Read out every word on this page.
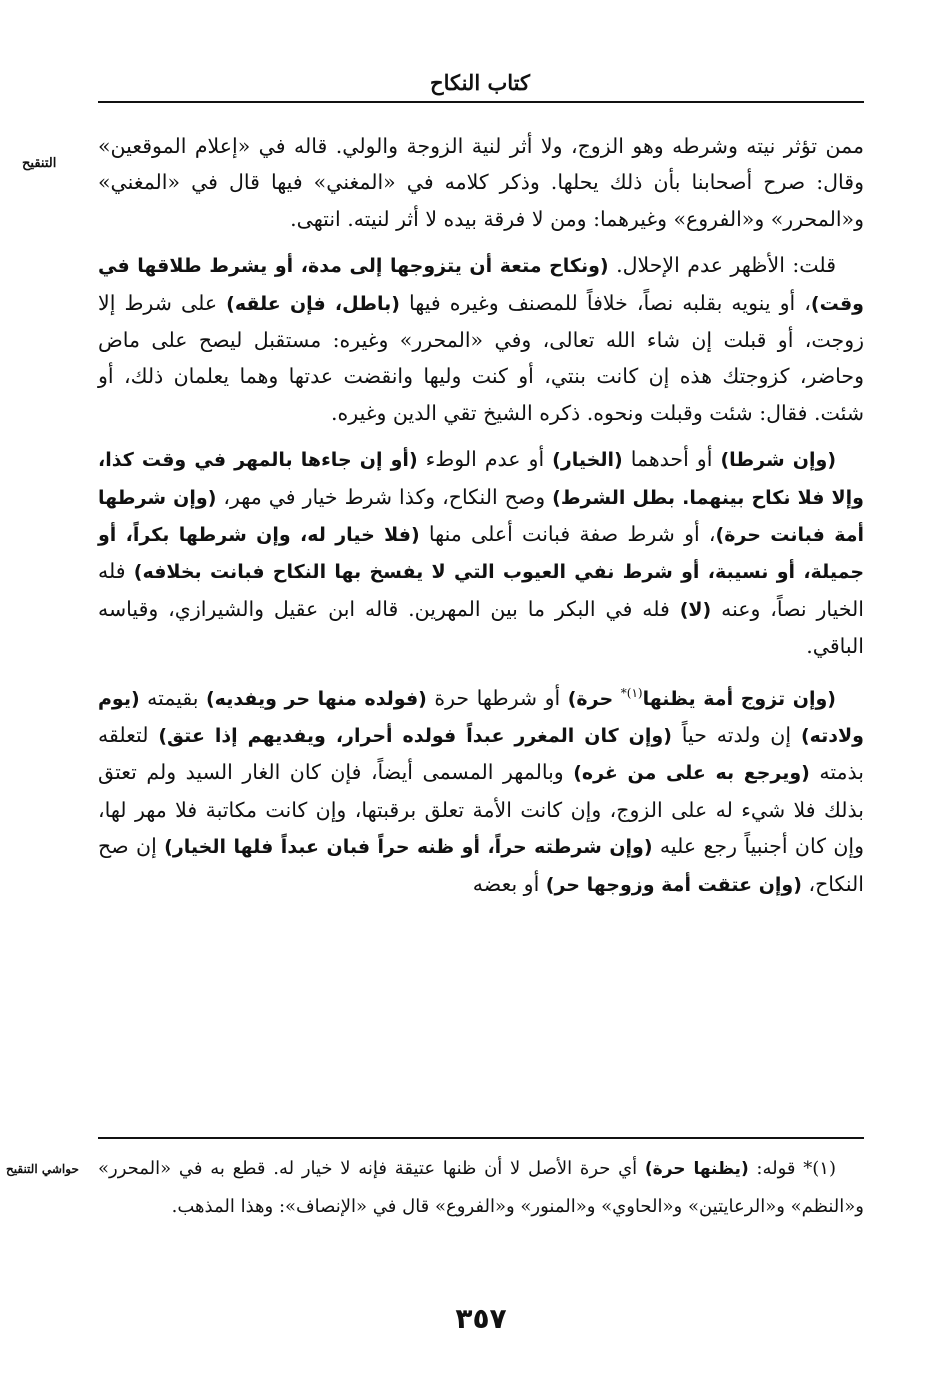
كتاب النكاح
التنقيح

ممن تؤثر نيته وشرطه وهو الزوج، ولا أثر لنية الزوجة والولي. قاله في «إعلام الموقعين» وقال: صرح أصحابنا بأن ذلك يحلها. وذكر كلامه في «المغني» فيها قال في «المغني» و«المحرر» و«الفروع» وغيرهما: ومن لا فرقة بيده لا أثر لنيته. انتهى.

قلت: الأظهر عدم الإحلال. (ونكاح متعة أن يتزوجها إلى مدة، أو يشرط طلاقها في وقت)، أو ينويه بقلبه نصاً، خلافاً للمصنف وغيره فيها (باطل، فإن علقه) على شرط إلا زوجت، أو قبلت إن شاء الله تعالى، وفي «المحرر» وغيره: مستقبل ليصح على ماض وحاضر، كزوجتك هذه إن كانت بنتي، أو كنت وليها وانقضت عدتها وهما يعلمان ذلك، أو شئت. فقال: شئت وقبلت ونحوه. ذكره الشيخ تقي الدين وغيره.

(وإن شرطا) أو أحدهما (الخيار) أو عدم الوطء (أو إن جاءها بالمهر في وقت كذا، وإلا فلا نكاح بينهما. بطل الشرط) وصح النكاح، وكذا شرط خيار في مهر، (وإن شرطها أمة فبانت حرة)، أو شرط صفة فبانت أعلى منها (فلا خيار له، وإن شرطها بكراً، أو جميلة، أو نسيبة، أو شرط نفي العيوب التي لا يفسخ بها النكاح فبانت بخلافه) فله الخيار نصاً، وعنه (لا) فله في البكر ما بين المهرين. قاله ابن عقيل والشيرازي، وقياسه الباقي.

(وإن تزوج أمة يظنها$^{(١)*}$ حرة) أو شرطها حرة (فولده منها حر ويفديه) بقيمته (يوم ولادته) إن ولدته حياً (وإن كان المغرر عبداً فولده أحرار، ويفديهم إذا عتق) لتعلقه بذمته (ويرجع به على من غره) وبالمهر المسمى أيضاً، فإن كان الغار السيد ولم تعتق بذلك فلا شيء له على الزوج، وإن كانت الأمة تعلق برقبتها، وإن كانت مكاتبة فلا مهر لها، وإن كان أجنبياً رجع عليه (وإن شرطته حراً، أو ظنه حراً فبان عبداً فلها الخيار) إن صح النكاح، (وإن عتقت أمة وزوجها حر) أو بعضه

حواشي التنقيح	(١)* قوله: (يظنها حرة) أي حرة الأصل لا أن ظنها عتيقة فإنه لا خيار له. قطع به في «المحرر» و«النظم» و«الرعايتين» و«الحاوي» و«المنور» و«الفروع» قال في «الإنصاف»: وهذا المذهب.

٣٥٧
